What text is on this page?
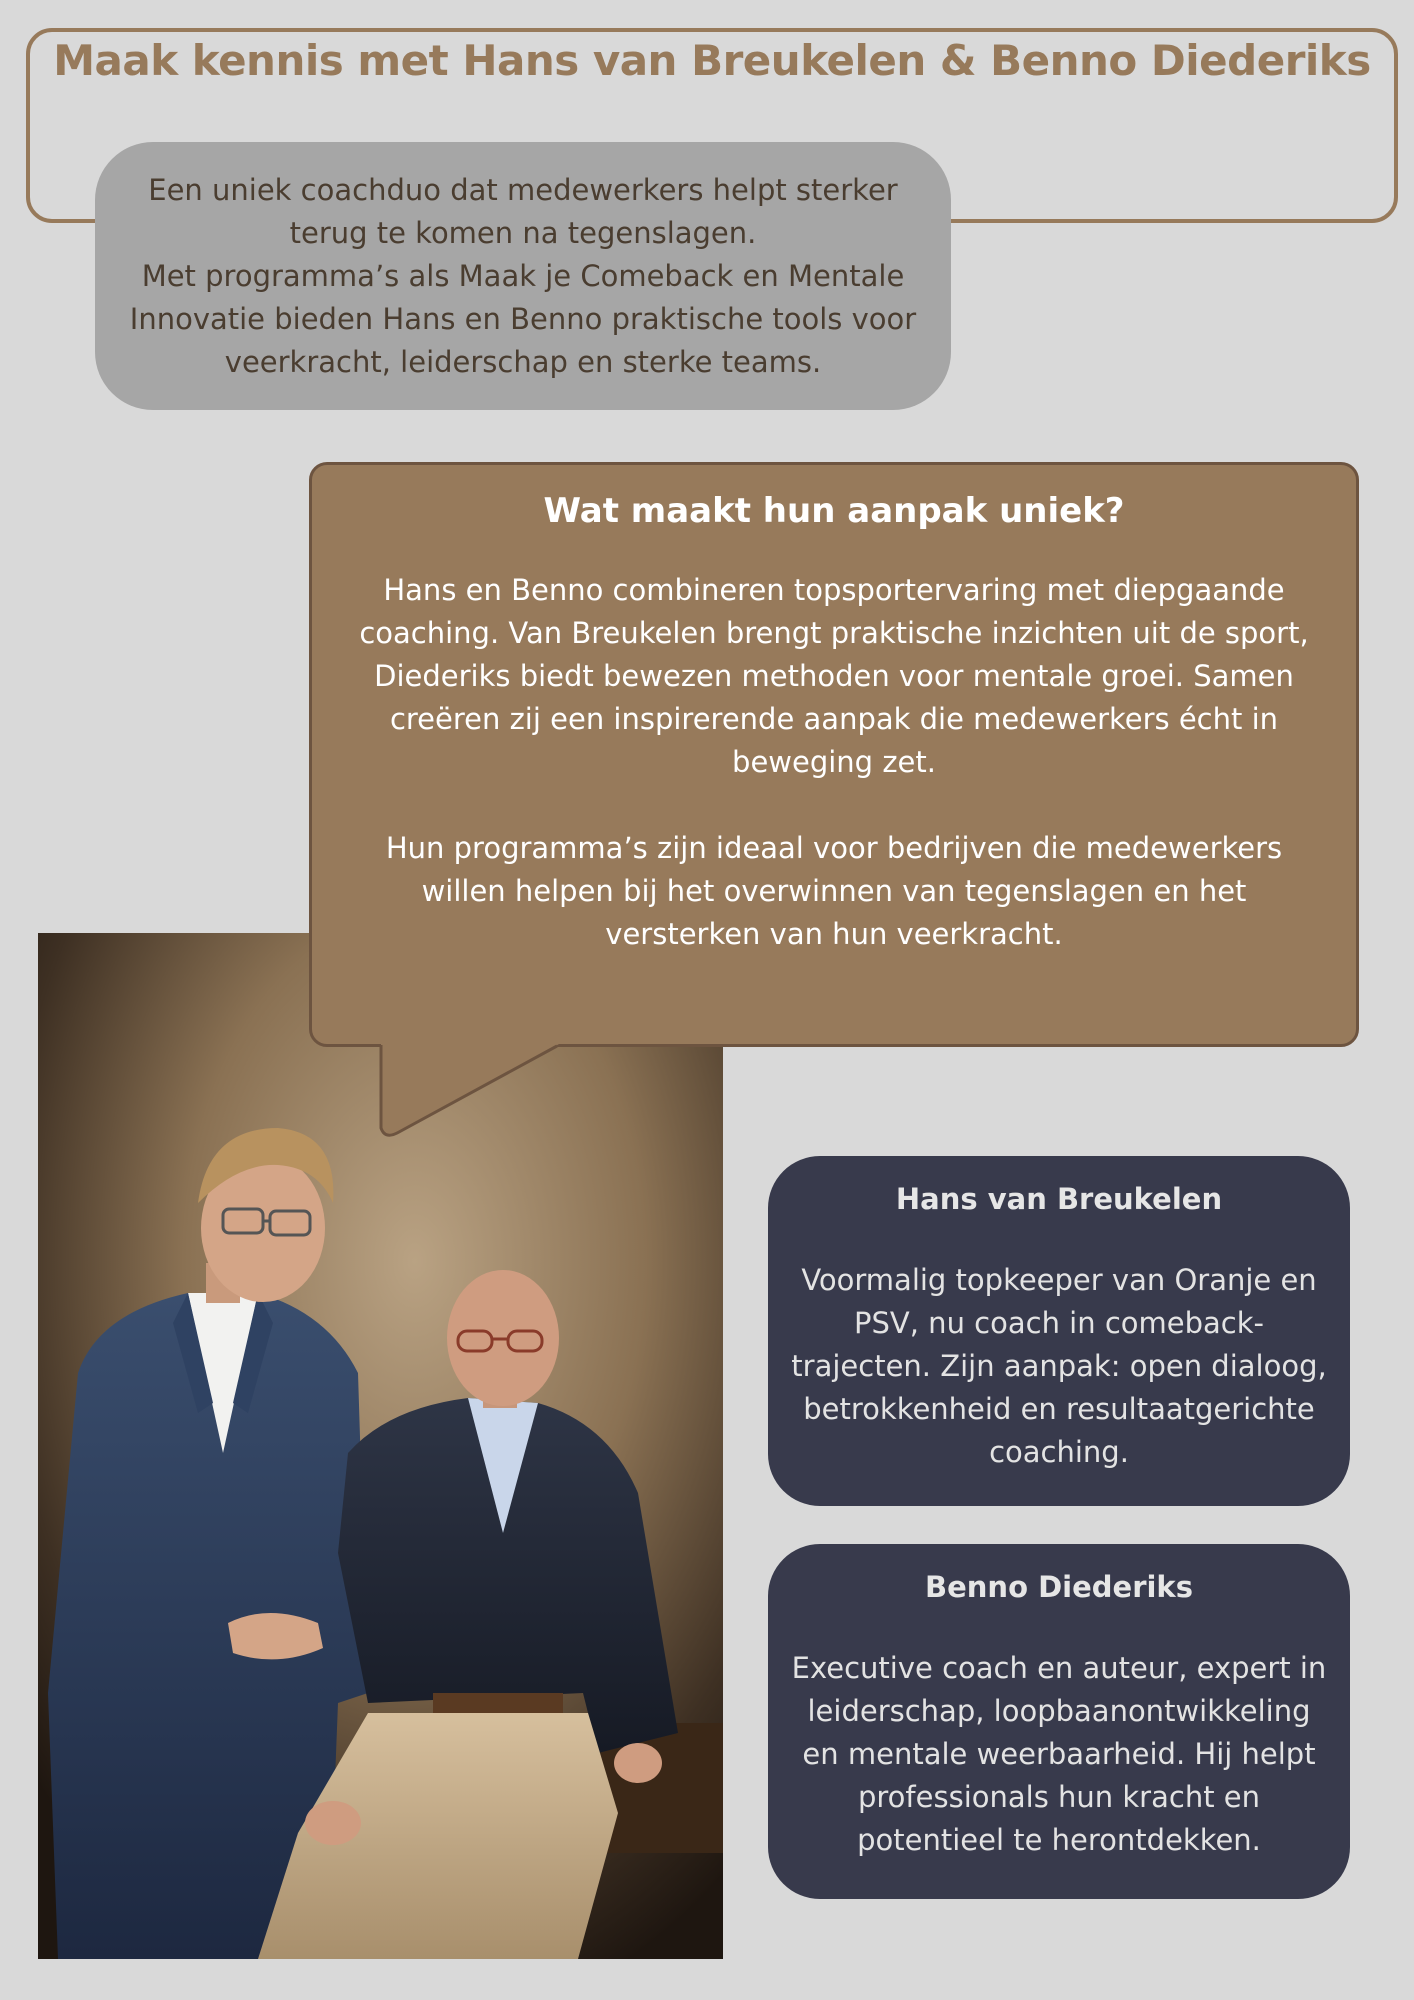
Maak kennis met Hans van Breukelen & Benno Diederiks

Een uniek coachduo dat medewerkers helpt sterker
terug te komen na tegenslagen.
Met programma’s als Maak je Comeback en Mentale
Innovatie bieden Hans en Benno praktische tools voor
veerkracht, leiderschap en sterke teams.

Wat maakt hun aanpak uniek?

Hans en Benno combineren topsportervaring met diepgaande coaching. Van Breukelen brengt praktische inzichten uit de sport, Diederiks biedt bewezen methoden voor mentale groei. Samen creëren zij een inspirerende aanpak die medewerkers écht in beweging zet.

Hun programma’s zijn ideaal voor bedrijven die medewerkers willen helpen bij het overwinnen van tegenslagen en het versterken van hun veerkracht.

Hans van Breukelen

Voormalig topkeeper van Oranje en
PSV, nu coach in comeback-
trajecten. Zijn aanpak: open dialoog,
betrokkenheid en resultaatgerichte
coaching.

Benno Diederiks

Executive coach en auteur, expert in
leiderschap, loopbaanontwikkeling
en mentale weerbaarheid. Hij helpt
professionals hun kracht en
potentieel te herontdekken.
